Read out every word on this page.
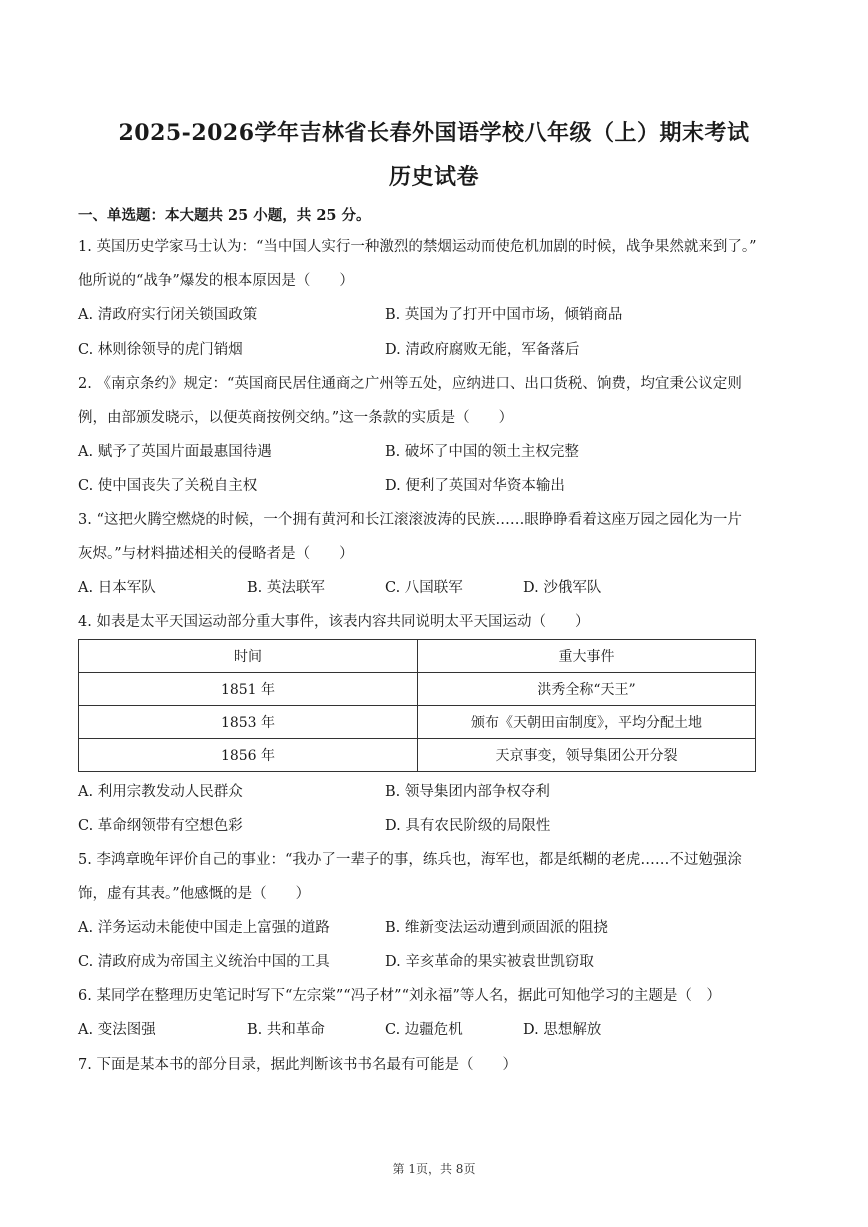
2025-2026学年吉林省长春外国语学校八年级（上）期末考试
历史试卷
一、单选题：本大题共 25 小题，共 25 分。
1. 英国历史学家马士认为：“当中国人实行一种激烈的禁烟运动而使危机加剧的时候，战争果然就来到了。”
他所说的“战争”爆发的根本原因是（　　）
A. 清政府实行闭关锁国政策	B. 英国为了打开中国市场，倾销商品
C. 林则徐领导的虎门销烟	D. 清政府腐败无能，军备落后
2. 《南京条约》规定：“英国商民居住通商之广州等五处，应纳进口、出口货税、饷费，均宜秉公议定则
例，由部颁发晓示，以便英商按例交纳。”这一条款的实质是（　　）
A. 赋予了英国片面最惠国待遇	B. 破坏了中国的领土主权完整
C. 使中国丧失了关税自主权	D. 便利了英国对华资本输出
3. “这把火腾空燃烧的时候，一个拥有黄河和长江滚滚波涛的民族……眼睁睁看着这座万园之园化为一片
灰烬。”与材料描述相关的侵略者是（　　）
A. 日本军队	B. 英法联军	C. 八国联军	D. 沙俄军队
4. 如表是太平天国运动部分重大事件，该表内容共同说明太平天国运动（　　）
时间	重大事件
1851 年	洪秀全称“天王”
1853 年	颁布《天朝田亩制度》，平均分配土地
1856 年	天京事变，领导集团公开分裂
A. 利用宗教发动人民群众	B. 领导集团内部争权夺利
C. 革命纲领带有空想色彩	D. 具有农民阶级的局限性
5. 李鸿章晚年评价自己的事业：“我办了一辈子的事，练兵也，海军也，都是纸糊的老虎……不过勉强涂
饰，虚有其表。”他感慨的是（　　）
A. 洋务运动未能使中国走上富强的道路	B. 维新变法运动遭到顽固派的阻挠
C. 清政府成为帝国主义统治中国的工具	D. 辛亥革命的果实被袁世凯窃取
6. 某同学在整理历史笔记时写下“左宗棠”“冯子材”“刘永福”等人名，据此可知他学习的主题是（　）
A. 变法图强	B. 共和革命	C. 边疆危机	D. 思想解放
7. 下面是某本书的部分目录，据此判断该书书名最有可能是（　　）
第 1页，共 8页
